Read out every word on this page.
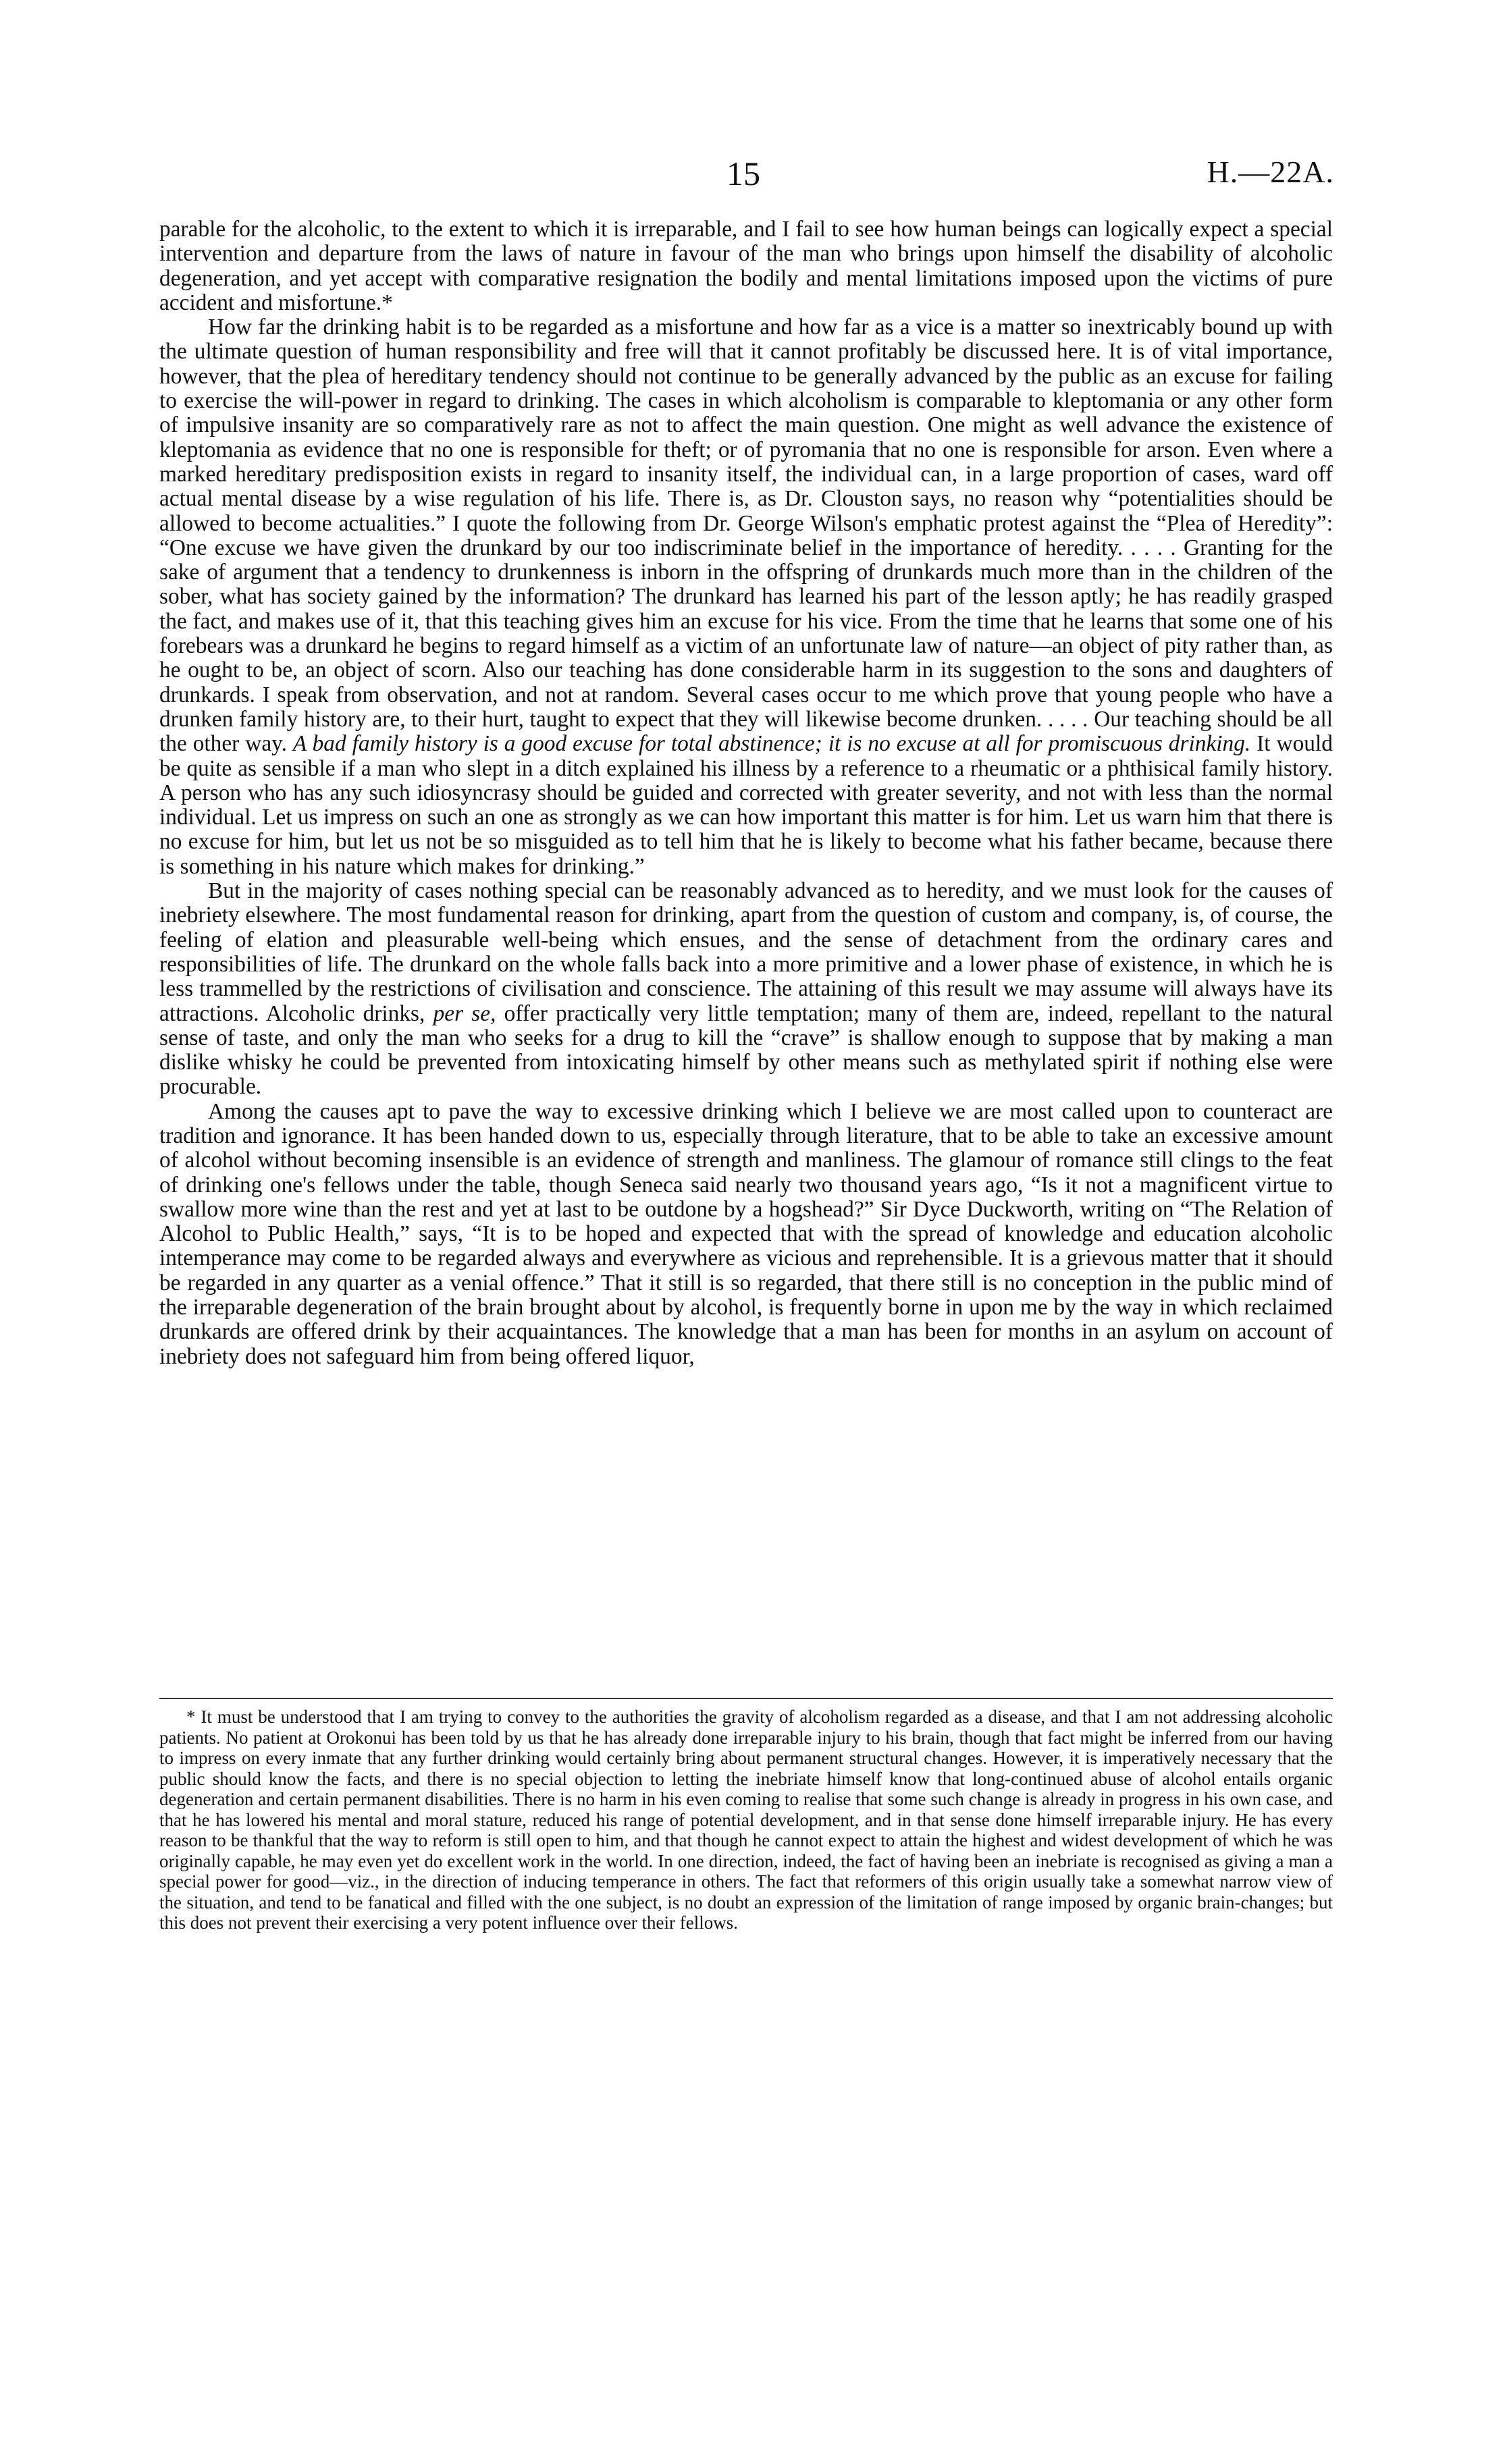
15	H.—22A.

parable for the alcoholic, to the extent to which it is irreparable, and I fail to see how human beings can logically expect a special intervention and departure from the laws of nature in favour of the man who brings upon himself the disability of alcoholic degeneration, and yet accept with comparative resignation the bodily and mental limitations imposed upon the victims of pure accident and misfortune.*

How far the drinking habit is to be regarded as a misfortune and how far as a vice is a matter so inextricably bound up with the ultimate question of human responsibility and free will that it cannot profitably be discussed here. It is of vital importance, however, that the plea of hereditary tendency should not continue to be generally advanced by the public as an excuse for failing to exercise the will-power in regard to drinking. The cases in which alcoholism is comparable to kleptomania or any other form of impulsive insanity are so comparatively rare as not to affect the main question. One might as well advance the existence of kleptomania as evidence that no one is responsible for theft; or of pyromania that no one is responsible for arson. Even where a marked hereditary predisposition exists in regard to insanity itself, the individual can, in a large proportion of cases, ward off actual mental disease by a wise regulation of his life. There is, as Dr. Clouston says, no reason why “potentialities should be allowed to become actualities.” I quote the following from Dr. George Wilson's emphatic protest against the “Plea of Heredity”: “One excuse we have given the drunkard by our too indiscriminate belief in the importance of heredity. . . . . Granting for the sake of argument that a tendency to drunkenness is inborn in the offspring of drunkards much more than in the children of the sober, what has society gained by the information? The drunkard has learned his part of the lesson aptly; he has readily grasped the fact, and makes use of it, that this teaching gives him an excuse for his vice. From the time that he learns that some one of his forebears was a drunkard he begins to regard himself as a victim of an unfortunate law of nature—an object of pity rather than, as he ought to be, an object of scorn. Also our teaching has done considerable harm in its suggestion to the sons and daughters of drunkards. I speak from observation, and not at random. Several cases occur to me which prove that young people who have a drunken family history are, to their hurt, taught to expect that they will likewise become drunken. . . . . Our teaching should be all the other way. A bad family history is a good excuse for total abstinence; it is no excuse at all for promiscuous drinking. It would be quite as sensible if a man who slept in a ditch explained his illness by a reference to a rheumatic or a phthisical family history. A person who has any such idiosyncrasy should be guided and corrected with greater severity, and not with less than the normal individual. Let us impress on such an one as strongly as we can how important this matter is for him. Let us warn him that there is no excuse for him, but let us not be so misguided as to tell him that he is likely to become what his father became, because there is something in his nature which makes for drinking.”

But in the majority of cases nothing special can be reasonably advanced as to heredity, and we must look for the causes of inebriety elsewhere. The most fundamental reason for drinking, apart from the question of custom and company, is, of course, the feeling of elation and pleasurable well-being which ensues, and the sense of detachment from the ordinary cares and responsibilities of life. The drunkard on the whole falls back into a more primitive and a lower phase of existence, in which he is less trammelled by the restrictions of civilisation and conscience. The attaining of this result we may assume will always have its attractions. Alcoholic drinks, per se, offer practically very little temptation; many of them are, indeed, repellant to the natural sense of taste, and only the man who seeks for a drug to kill the “crave” is shallow enough to suppose that by making a man dislike whisky he could be prevented from intoxicating himself by other means such as methylated spirit if nothing else were procurable.

Among the causes apt to pave the way to excessive drinking which I believe we are most called upon to counteract are tradition and ignorance. It has been handed down to us, especially through literature, that to be able to take an excessive amount of alcohol without becoming insensible is an evidence of strength and manliness. The glamour of romance still clings to the feat of drinking one's fellows under the table, though Seneca said nearly two thousand years ago, “Is it not a magnificent virtue to swallow more wine than the rest and yet at last to be outdone by a hogshead?” Sir Dyce Duckworth, writing on “The Relation of Alcohol to Public Health,” says, “It is to be hoped and expected that with the spread of knowledge and education alcoholic intemperance may come to be regarded always and everywhere as vicious and reprehensible. It is a grievous matter that it should be regarded in any quarter as a venial offence.” That it still is so regarded, that there still is no conception in the public mind of the irreparable degeneration of the brain brought about by alcohol, is frequently borne in upon me by the way in which reclaimed drunkards are offered drink by their acquaintances. The knowledge that a man has been for months in an asylum on account of inebriety does not safeguard him from being offered liquor,

* It must be understood that I am trying to convey to the authorities the gravity of alcoholism regarded as a disease, and that I am not addressing alcoholic patients. No patient at Orokonui has been told by us that he has already done irreparable injury to his brain, though that fact might be inferred from our having to impress on every inmate that any further drinking would certainly bring about permanent structural changes. However, it is imperatively necessary that the public should know the facts, and there is no special objection to letting the inebriate himself know that long-continued abuse of alcohol entails organic degeneration and certain permanent disabilities. There is no harm in his even coming to realise that some such change is already in progress in his own case, and that he has lowered his mental and moral stature, reduced his range of potential development, and in that sense done himself irreparable injury. He has every reason to be thankful that the way to reform is still open to him, and that though he cannot expect to attain the highest and widest development of which he was originally capable, he may even yet do excellent work in the world. In one direction, indeed, the fact of having been an inebriate is recognised as giving a man a special power for good—viz., in the direction of inducing temperance in others. The fact that reformers of this origin usually take a somewhat narrow view of the situation, and tend to be fanatical and filled with the one subject, is no doubt an expression of the limitation of range imposed by organic brain-changes; but this does not prevent their exercising a very potent influence over their fellows.
